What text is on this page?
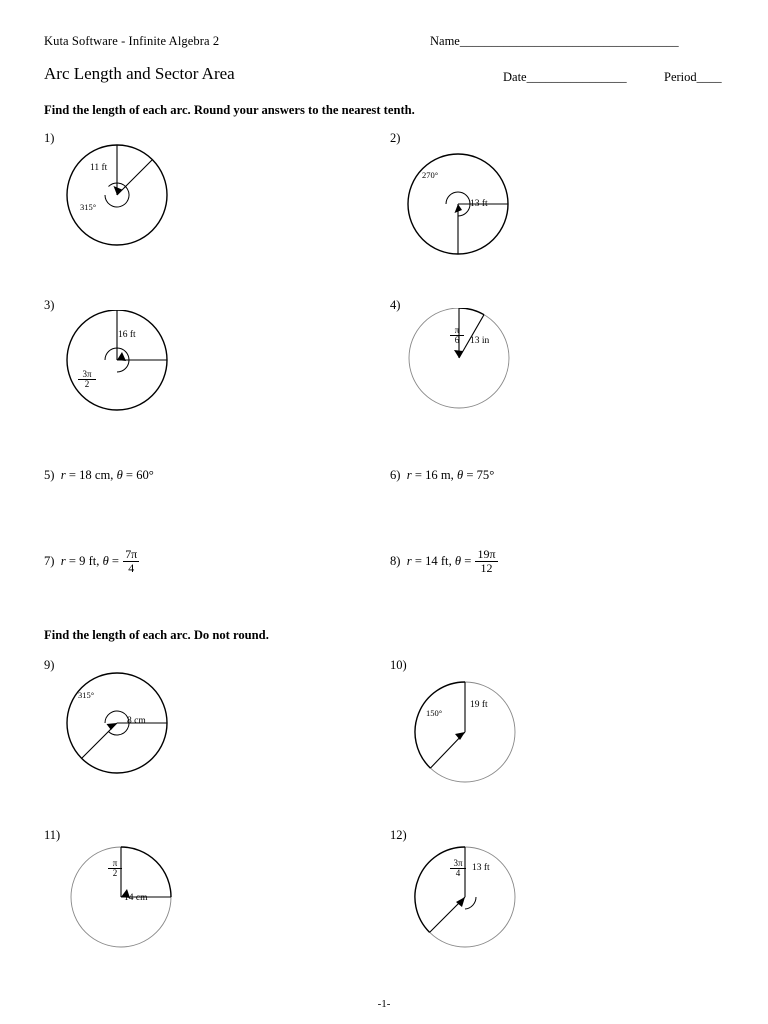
Kuta Software - Infinite Algebra 2	Name___________________________________
Arc Length and Sector Area	Date________________	Period____
Find the length of each arc. Round your answers to the nearest tenth.
Find the length of each arc. Do not round.
1)
11 ft
315°
2)
13 ft
270°
3)
16 ft
$\frac{3\pi}{2}$
4)
13 in
$\frac{\pi}{6}$
5) r = 18 cm, θ = 60°	6) r = 16 m, θ = 75°
7) r = 9 ft, $\theta = \frac{7\pi}{4}$	8) r = 14 ft, $\theta = \frac{19\pi}{12}$
9)
8 cm
315°
10)
19 ft
150°
11)
$\frac{\pi}{2}$
14 cm
12)
$\frac{3\pi}{4} 13$ ft
-1-
